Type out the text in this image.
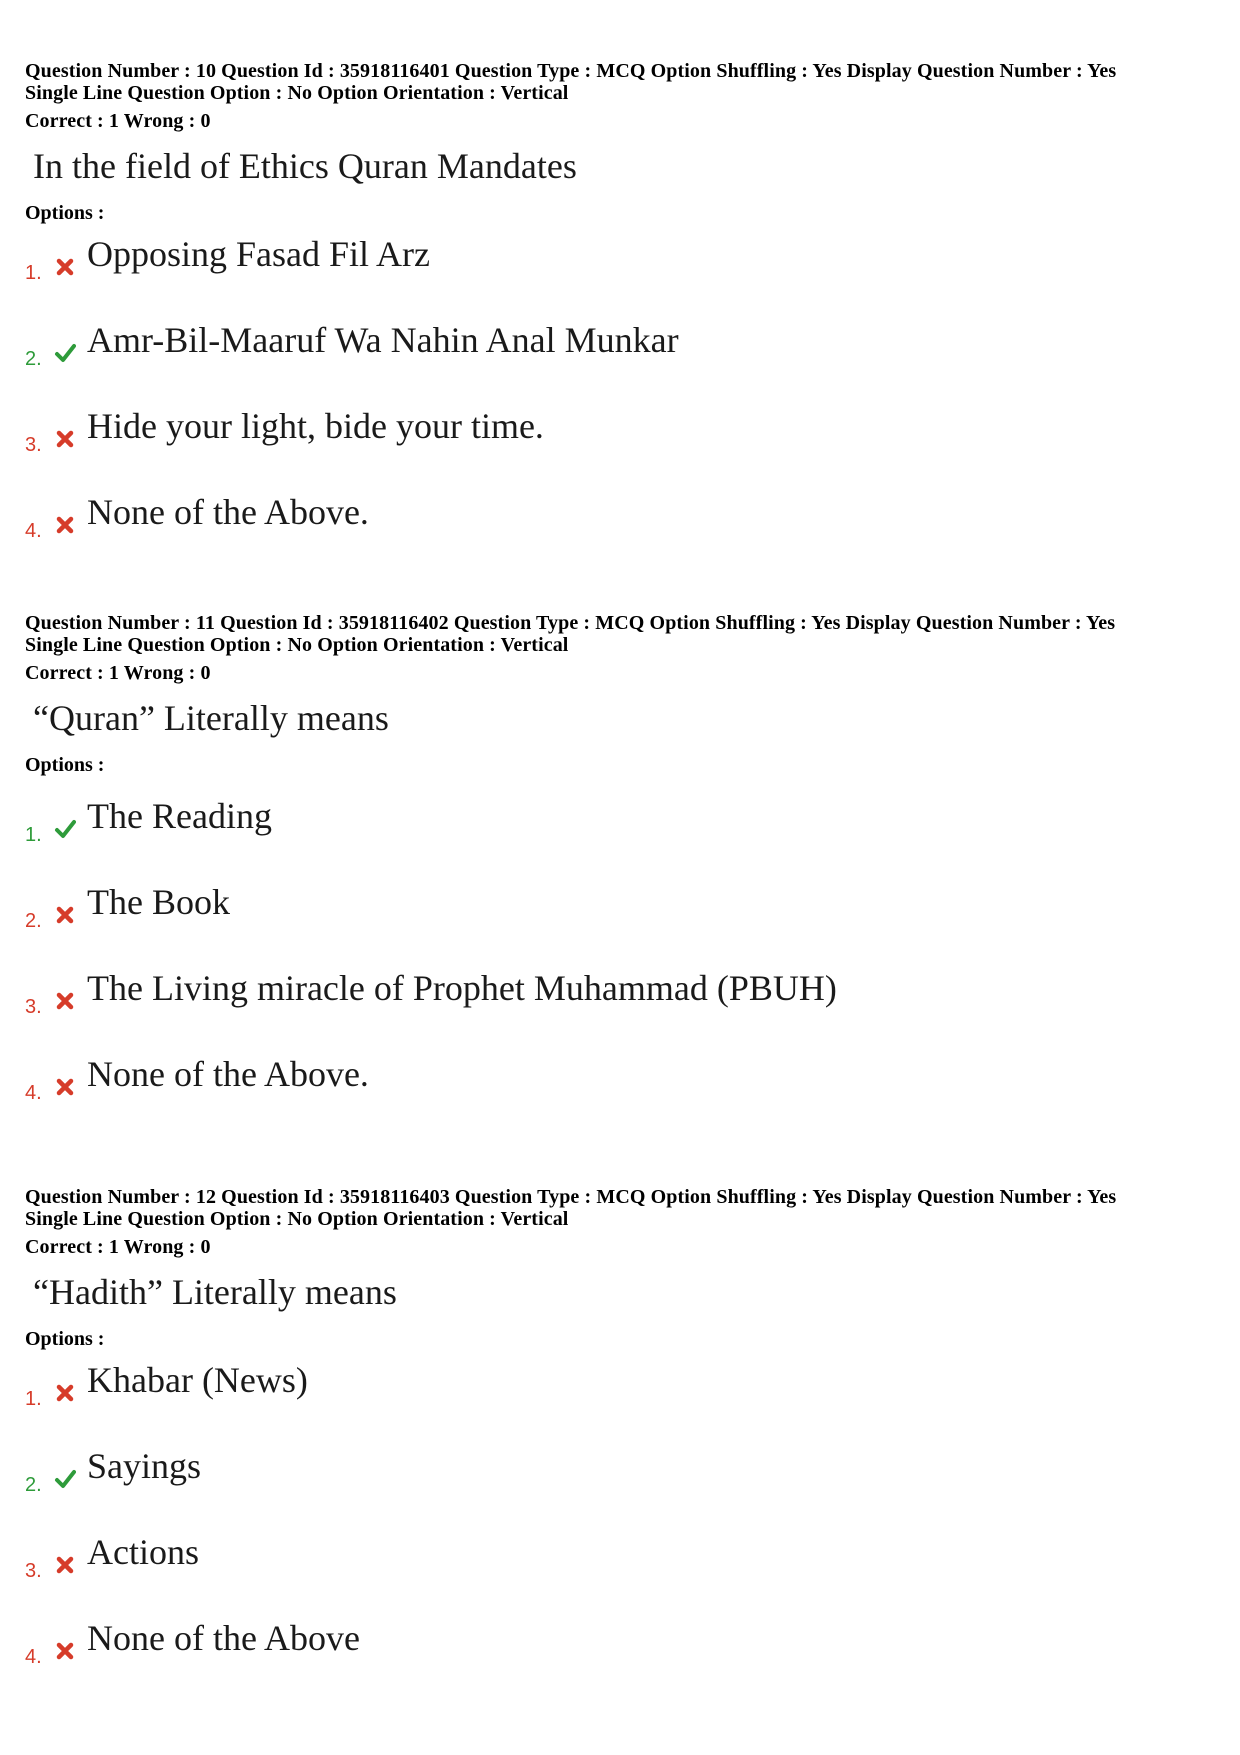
Question Number : 10 Question Id : 35918116401 Question Type : MCQ Option Shuffling : Yes Display Question Number : Yes

Single Line Question Option : No Option Orientation : Vertical

Correct : 1 Wrong : 0

In the field of Ethics Quran Mandates
Options :
1. Opposing Fasad Fil Arz
2. Amr-Bil-Maaruf Wa Nahin Anal Munkar
3. Hide your light, bide your time.
4. None of the Above.

Question Number : 11 Question Id : 35918116402 Question Type : MCQ Option Shuffling : Yes Display Question Number : Yes

Single Line Question Option : No Option Orientation : Vertical

Correct : 1 Wrong : 0

“Quran” Literally means
Options :
1. The Reading
2. The Book
3. The Living miracle of Prophet Muhammad (PBUH)
4. None of the Above.

Question Number : 12 Question Id : 35918116403 Question Type : MCQ Option Shuffling : Yes Display Question Number : Yes

Single Line Question Option : No Option Orientation : Vertical

Correct : 1 Wrong : 0

“Hadith” Literally means
Options :
1. Khabar (News)
2. Sayings
3. Actions
4. None of the Above
